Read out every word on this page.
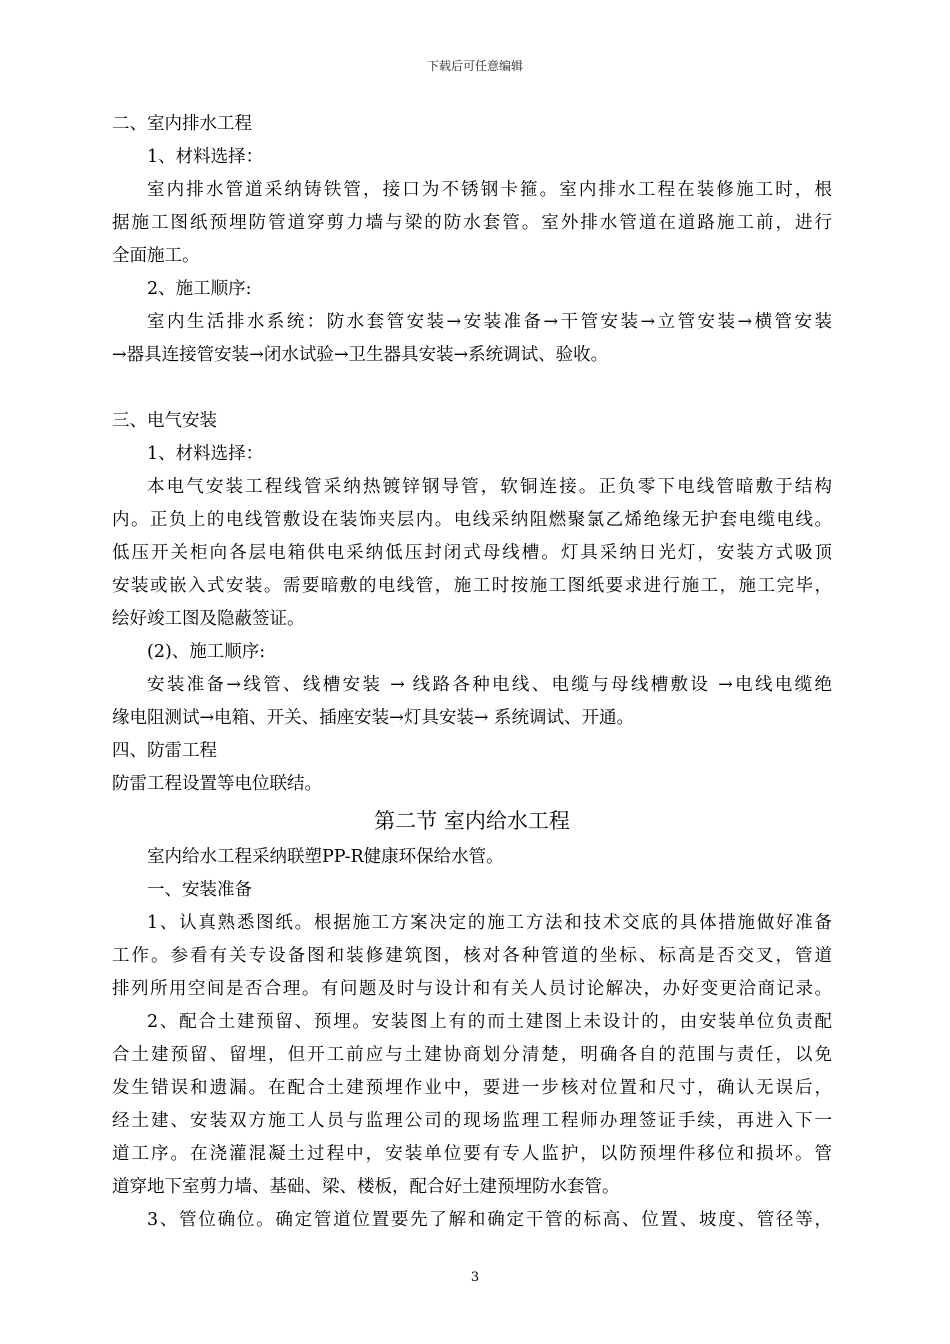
下载后可任意编辑
二、室内排水工程
1、材料选择：
室内排水管道采纳铸铁管，接口为不锈钢卡箍。室内排水工程在装修施工时，根
据施工图纸预埋防管道穿剪力墙与梁的防水套管。室外排水管道在道路施工前，进行
全面施工。
2、施工顺序:
室内生活排水系统：防水套管安装→安装准备→干管安装→立管安装→横管安装
→器具连接管安装→闭水试验→卫生器具安装→系统调试、验收。
三、电气安装
1、材料选择：
本电气安装工程线管采纳热镀锌钢导管，软铜连接。正负零下电线管暗敷于结构
内。正负上的电线管敷设在装饰夹层内。电线采纳阻燃聚氯乙烯绝缘无护套电缆电线。
低压开关柜向各层电箱供电采纳低压封闭式母线槽。灯具采纳日光灯，安装方式吸顶
安装或嵌入式安装。需要暗敷的电线管，施工时按施工图纸要求进行施工，施工完毕，
绘好竣工图及隐蔽签证。
(2)、施工顺序:
安装准备→线管、线槽安装 → 线路各种电线、电缆与母线槽敷设 →电线电缆绝
缘电阻测试→电箱、开关、插座安装→灯具安装→ 系统调试、开通。
四、防雷工程
防雷工程设置等电位联结。
第二节 室内给水工程
室内给水工程采纳联塑PP-R健康环保给水管。
一、安装准备
1、认真熟悉图纸。根据施工方案决定的施工方法和技术交底的具体措施做好准备
工作。参看有关专设备图和装修建筑图，核对各种管道的坐标、标高是否交叉，管道
排列所用空间是否合理。有问题及时与设计和有关人员讨论解决，办好变更洽商记录。
2、配合土建预留、预埋。安装图上有的而土建图上未设计的，由安装单位负责配
合土建预留、留埋，但开工前应与土建协商划分清楚，明确各自的范围与责任，以免
发生错误和遗漏。在配合土建预埋作业中，要进一步核对位置和尺寸，确认无误后，
经土建、安装双方施工人员与监理公司的现场监理工程师办理签证手续，再进入下一
道工序。在浇灌混凝土过程中，安装单位要有专人监护，以防预埋件移位和损坏。管
道穿地下室剪力墙、基础、梁、楼板，配合好土建预埋防水套管。
3、管位确位。确定管道位置要先了解和确定干管的标高、位置、坡度、管径等，
3
